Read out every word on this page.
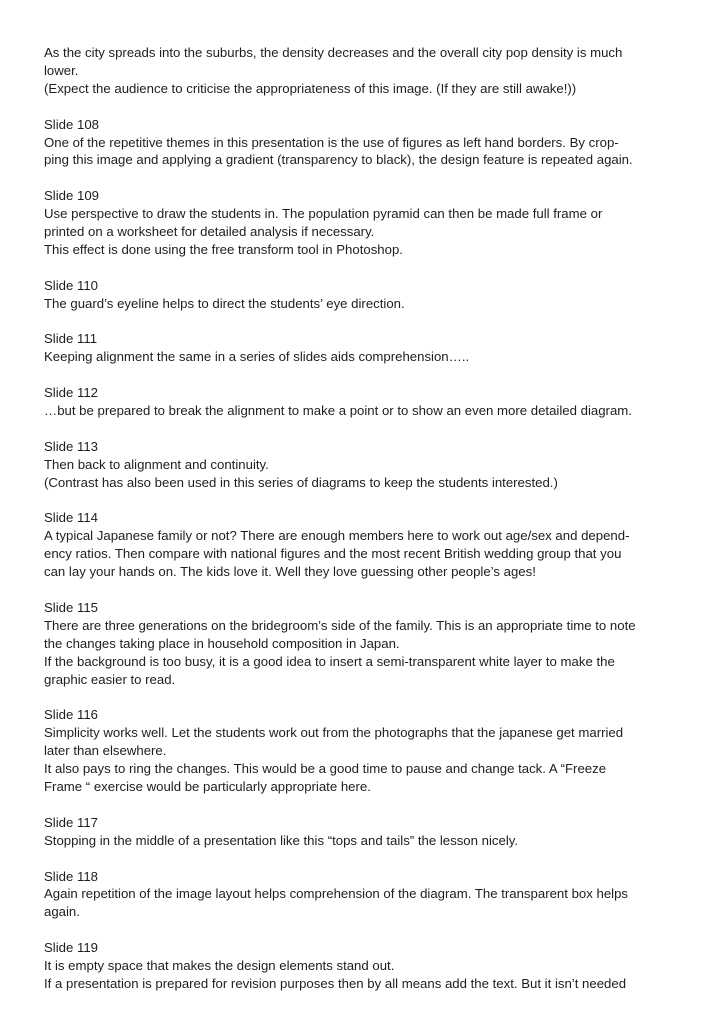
As the city spreads into the suburbs, the density decreases and the overall city pop density is much
lower.
(Expect the audience to criticise the appropriateness of this image. (If they are still awake!))

Slide 108
One of the repetitive themes in this presentation is the use of figures as left hand borders. By crop-
ping this image and applying a gradient (transparency to black), the design feature is repeated again.

Slide 109
Use perspective to draw the students in. The population pyramid can then be made full frame or
printed on a worksheet for detailed analysis if necessary.
This effect is done using the free transform tool in Photoshop.

Slide 110
The guard’s eyeline helps to direct the students’ eye direction.

Slide 111
Keeping alignment the same in a series of slides aids comprehension…..

Slide 112
…but be prepared to break the alignment to make a point or to show an even more detailed diagram.

Slide 113
Then back to alignment and continuity.
(Contrast has also been used in this series of diagrams to keep the students interested.)

Slide 114
A typical Japanese family or not? There are enough members here to work out age/sex and depend-
ency ratios. Then compare with national figures and the most recent British wedding group that you
can lay your hands on. The kids love it. Well they love guessing other people’s ages!

Slide 115
There are three generations on the bridegroom’s side of the family. This is an appropriate time to note
the changes taking place in household composition in Japan.
If the background is too busy, it is a good idea to insert a semi-transparent white layer to make the
graphic easier to read.

Slide 116
Simplicity works well. Let the students work out from the photographs that the japanese get married
later than elsewhere.
It also pays to ring the changes. This would be a good time to pause and change tack. A “Freeze
Frame “ exercise would be particularly appropriate here.

Slide 117
Stopping in the middle of a presentation like this “tops and tails” the lesson nicely.

Slide 118
Again repetition of the image layout helps comprehension of the diagram. The transparent box helps
again.

Slide 119
It is empty space that makes the design elements stand out.
If a presentation is prepared for revision purposes then by all means add the text. But it isn’t needed
